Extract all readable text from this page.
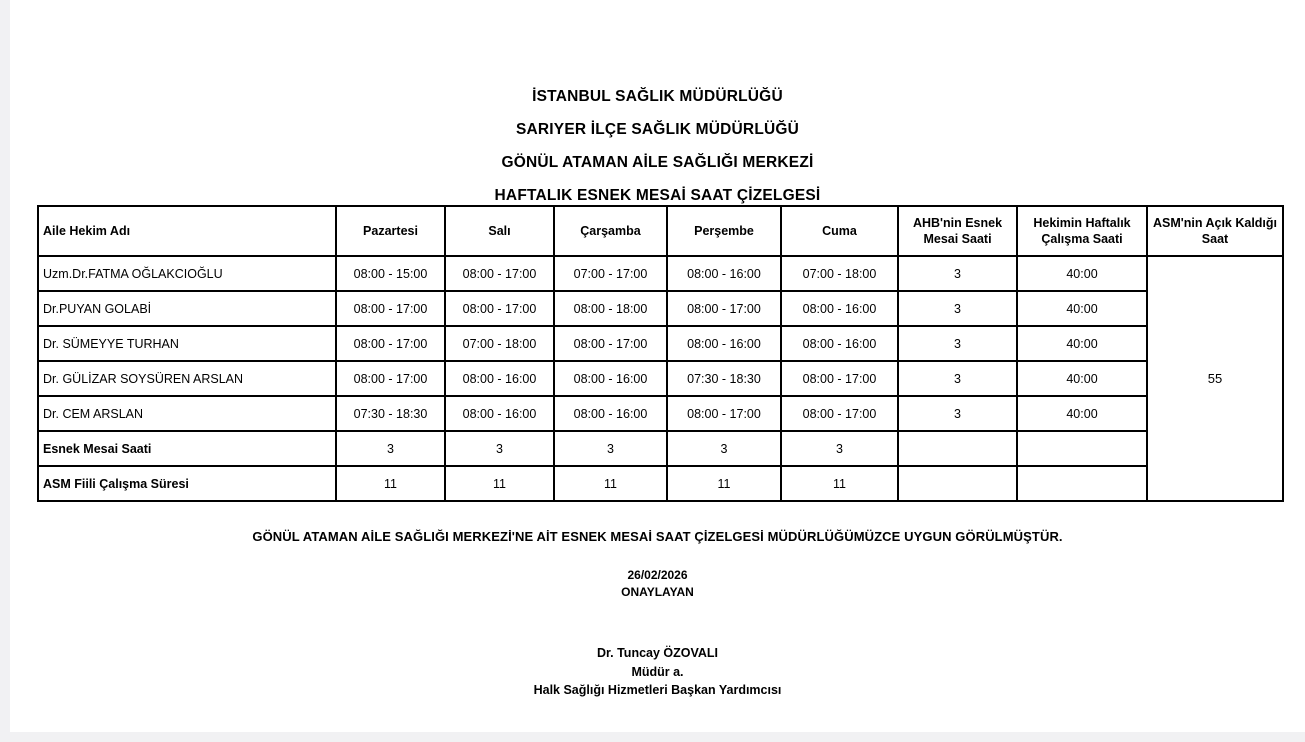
İSTANBUL SAĞLIK MÜDÜRLÜĞÜ
SARIYER İLÇE SAĞLIK MÜDÜRLÜĞÜ
GÖNÜL ATAMAN AİLE SAĞLIĞI MERKEZİ
HAFTALIK ESNEK MESAİ SAAT ÇİZELGESİ
Aile Hekim Adı	Pazartesi	Salı	Çarşamba	Perşembe	Cuma	AHB'nin Esnek Mesai Saati	Hekimin Haftalık Çalışma Saati	ASM'nin Açık Kaldığı Saat
Uzm.Dr.FATMA OĞLAKCIOĞLU	08:00 - 15:00	08:00 - 17:00	07:00 - 17:00	08:00 - 16:00	07:00 - 18:00	3	40:00	55
Dr.PUYAN GOLABİ	08:00 - 17:00	08:00 - 17:00	08:00 - 18:00	08:00 - 17:00	08:00 - 16:00	3	40:00	
Dr. SÜMEYYE TURHAN	08:00 - 17:00	07:00 - 18:00	08:00 - 17:00	08:00 - 16:00	08:00 - 16:00	3	40:00	
Dr. GÜLİZAR SOYSÜREN ARSLAN	08:00 - 17:00	08:00 - 16:00	08:00 - 16:00	07:30 - 18:30	08:00 - 17:00	3	40:00	
Dr. CEM ARSLAN	07:30 - 18:30	08:00 - 16:00	08:00 - 16:00	08:00 - 17:00	08:00 - 17:00	3	40:00	
Esnek Mesai Saati	3	3	3	3	3			
ASM Fiili Çalışma Süresi	11	11	11	11	11			
GÖNÜL ATAMAN AİLE SAĞLIĞI MERKEZİ'NE AİT ESNEK MESAİ SAAT ÇİZELGESİ MÜDÜRLÜĞÜMÜZCE UYGUN GÖRÜLMÜŞTÜR.
26/02/2026
ONAYLAYAN
Dr. Tuncay ÖZOVALI
Müdür a.
Halk Sağlığı Hizmetleri Başkan Yardımcısı
